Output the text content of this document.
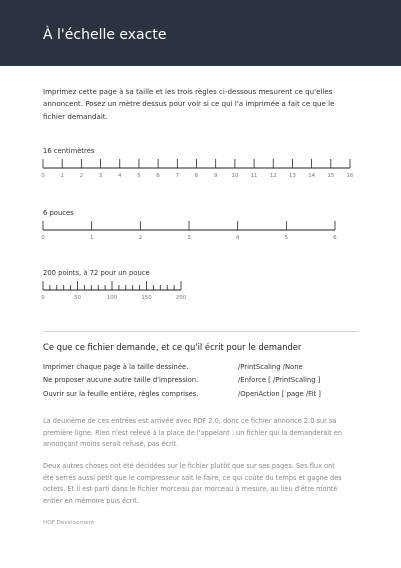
À l'échelle exacte

Imprimez cette page à sa taille et les trois règles ci-dessous mesurent ce qu'elles annoncent. Posez un mètre dessus pour voir si ce qui l'a imprimée a fait ce que le fichier demandait.

16 centimètres
0	1	2	3	4	5	6	7	8	9	10 11 12 13 14 15 16
6 pouces
0	1	2	3	4	5	6
200 points, à 72 pour un pouce
0	50	100	150	200
Ce que ce fichier demande, et ce qu'il écrit pour le demander
Imprimer chaque page à la taille dessinée.	/PrintScaling /None
Ne proposer aucune autre taille d'impression.	/Enforce [ /PrintScaling ]
Ouvrir sur la feuille entière, règles comprises.	/OpenAction [ page /Fit ]

La deuxième de ces entrées est arrivée avec PDF 2.0, donc ce fichier annonce 2.0 sur sa première ligne. Rien n'est relevé à la place de l'appelant : un fichier qui la demanderait en annonçant moins serait refusé, pas écrit.

Deux autres choses ont été décidées sur le fichier plutôt que sur ses pages. Ses flux ont été serrés aussi petit que le compresseur sait le faire, ce qui coûte du temps et gagne des octets. Et il est parti dans le fichier morceau par morceau à mesure, au lieu d'être monté entier en mémoire puis écrit.

HOF Development
